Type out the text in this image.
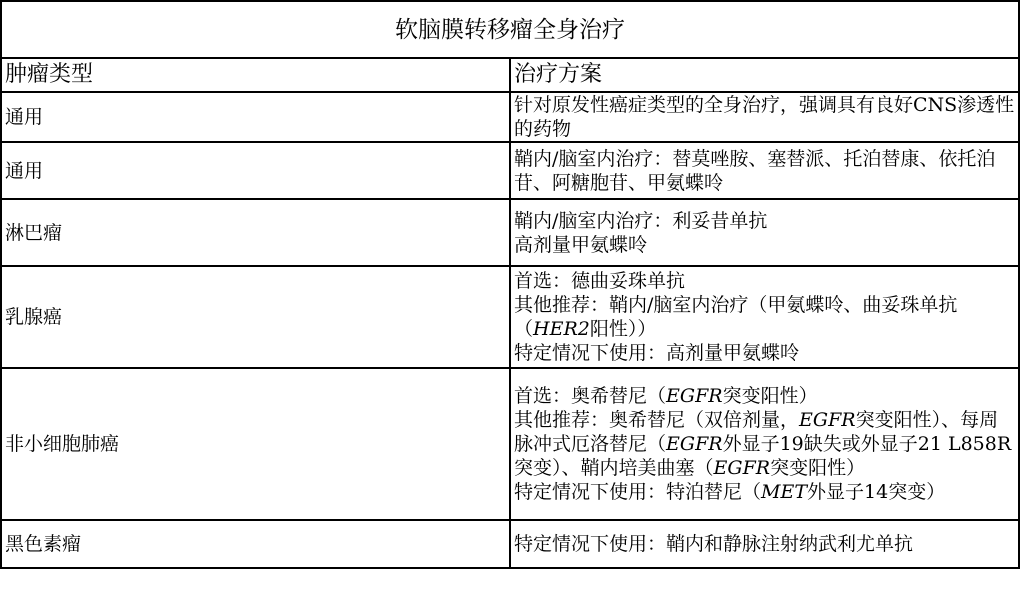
软脑膜转移瘤全身治疗	
肿瘤类型	治疗方案
通用	针对原发性癌症类型的全身治疗，强调具有良好CNS渗透性的药物

通用	鞘内/脑室内治疗：替莫唑胺、塞替派、托泊替康、依托泊苷、阿糖胞苷、甲氨蝶呤

淋巴瘤	鞘内/脑室内治疗：利妥昔单抗
高剂量甲氨蝶呤

乳腺癌	首选：德曲妥珠单抗
其他推荐：鞘内/脑室内治疗（甲氨蝶呤、曲妥珠单抗（HER2阳性））
特定情况下使用：高剂量甲氨蝶呤

非小细胞肺癌	首选：奥希替尼（EGFR突变阳性）
其他推荐：奥希替尼（双倍剂量，EGFR突变阳性）、每周脉冲式厄洛替尼（EGFR外显子19缺失或外显子21 L858R突变）、鞘内培美曲塞（EGFR突变阳性）
特定情况下使用：特泊替尼（MET外显子14突变）

黑色素瘤	特定情况下使用：鞘内和静脉注射纳武利尤单抗
